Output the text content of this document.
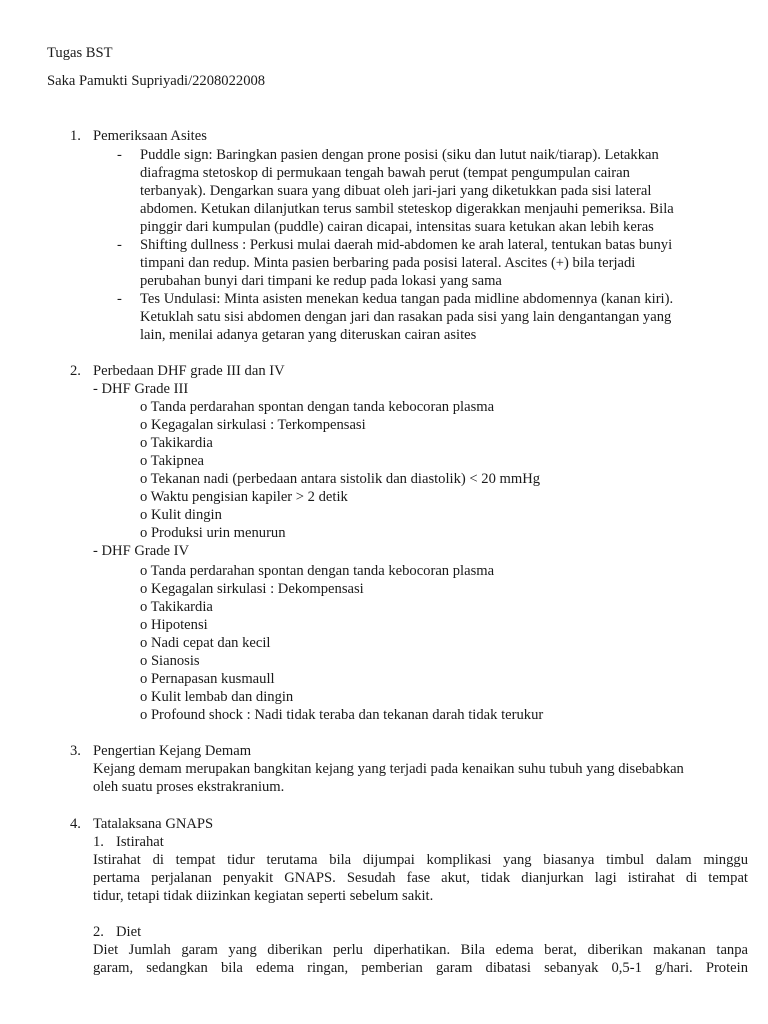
Tugas BST
Saka Pamukti Supriyadi/2208022008
1. Pemeriksaan Asites
- Puddle sign: Baringkan pasien dengan prone posisi (siku dan lutut naik/tiarap). Letakkan
diafragma stetoskop di permukaan tengah bawah perut (tempat pengumpulan cairan
terbanyak). Dengarkan suara yang dibuat oleh jari-jari yang diketukkan pada sisi lateral
abdomen. Ketukan dilanjutkan terus sambil steteskop digerakkan menjauhi pemeriksa. Bila
pinggir dari kumpulan (puddle) cairan dicapai, intensitas suara ketukan akan lebih keras
- Shifting dullness : Perkusi mulai daerah mid-abdomen ke arah lateral, tentukan batas bunyi
timpani dan redup. Minta pasien berbaring pada posisi lateral. Ascites (+) bila terjadi
perubahan bunyi dari timpani ke redup pada lokasi yang sama
- Tes Undulasi: Minta asisten menekan kedua tangan pada midline abdomennya (kanan kiri).
Ketuklah satu sisi abdomen dengan jari dan rasakan pada sisi yang lain dengantangan yang
lain, menilai adanya getaran yang diteruskan cairan asites
2. Perbedaan DHF grade III dan IV
- DHF Grade III
o Tanda perdarahan spontan dengan tanda kebocoran plasma
o Kegagalan sirkulasi : Terkompensasi
o Takikardia
o Takipnea
o Tekanan nadi (perbedaan antara sistolik dan diastolik) < 20 mmHg
o Waktu pengisian kapiler > 2 detik
o Kulit dingin
o Produksi urin menurun
- DHF Grade IV
o Tanda perdarahan spontan dengan tanda kebocoran plasma
o Kegagalan sirkulasi : Dekompensasi
o Takikardia
o Hipotensi
o Nadi cepat dan kecil
o Sianosis
o Pernapasan kusmaull
o Kulit lembab dan dingin
o Profound shock : Nadi tidak teraba dan tekanan darah tidak terukur
3. Pengertian Kejang Demam
Kejang demam merupakan bangkitan kejang yang terjadi pada kenaikan suhu tubuh yang disebabkan
oleh suatu proses ekstrakranium.
4. Tatalaksana GNAPS
1. Istirahat
Istirahat di tempat tidur terutama bila dijumpai komplikasi yang biasanya timbul dalam minggu
pertama perjalanan penyakit GNAPS. Sesudah fase akut, tidak dianjurkan lagi istirahat di tempat
tidur, tetapi tidak diizinkan kegiatan seperti sebelum sakit.
2. Diet
Diet Jumlah garam yang diberikan perlu diperhatikan. Bila edema berat, diberikan makanan tanpa
garam, sedangkan bila edema ringan, pemberian garam dibatasi sebanyak 0,5-1 g/hari. Protein
